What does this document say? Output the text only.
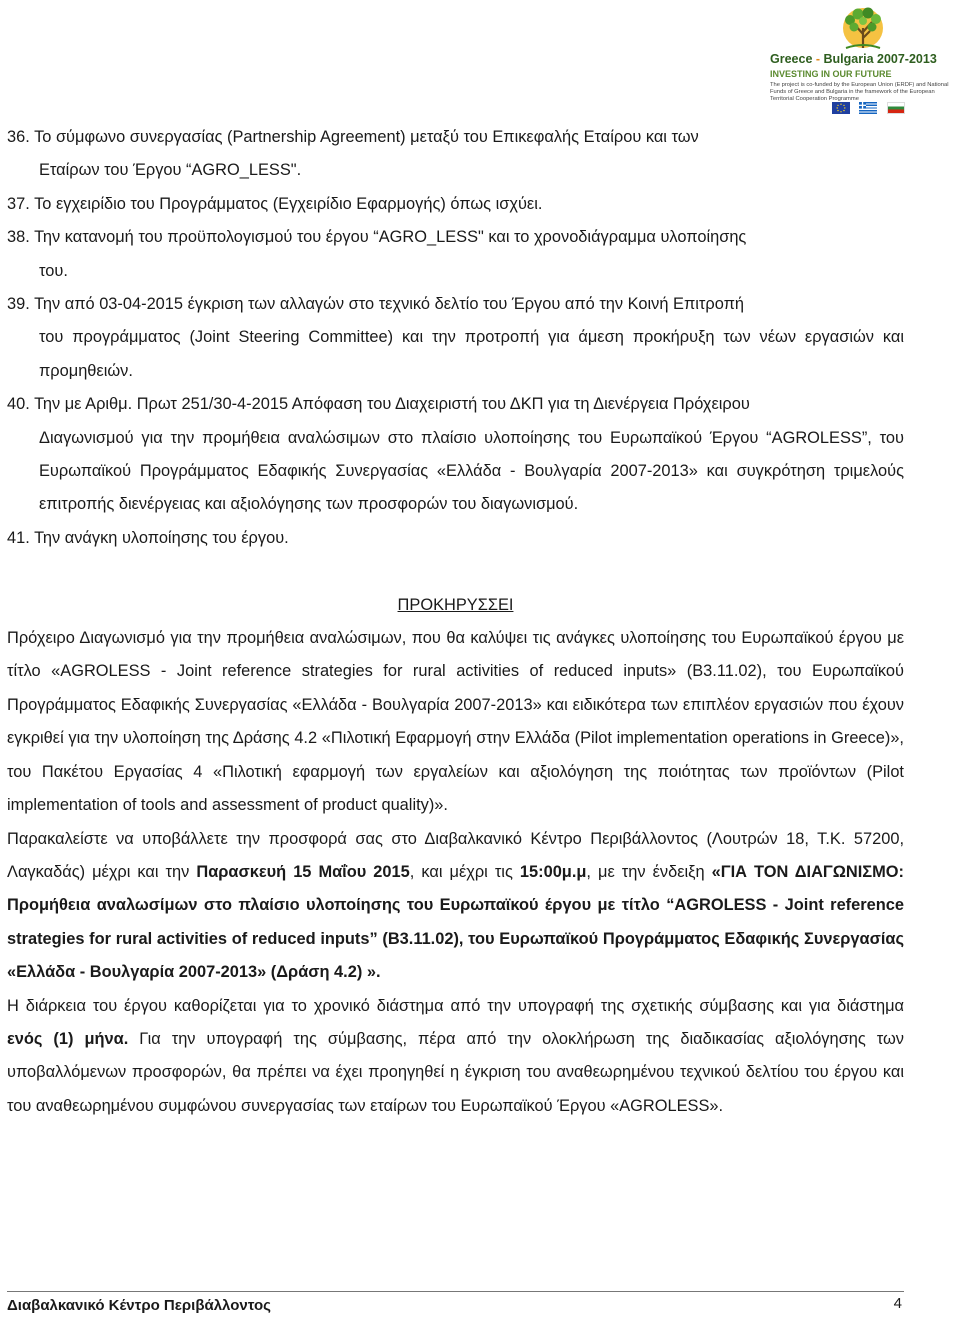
Greece - Bulgaria 2007-2013
INVESTING IN OUR FUTURE
The project is co-funded by the European Union (ERDF) and National Funds of Greece and Bulgaria in the framework of the European Territorial Cooperation Programme

36. Το σύμφωνο συνεργασίας (Partnership Agreement) μεταξύ του Επικεφαλής Εταίρου και των

Εταίρων του Έργου “AGRO_LESS".

37. Το εγχειρίδιο του Προγράμματος (Εγχειρίδιο Εφαρμογής) όπως ισχύει.

38. Την κατανομή του προϋπολογισμού του έργου “AGRO_LESS" και το χρονοδιάγραμμα υλοποίησης

του.

39. Την από 03-04-2015 έγκριση των αλλαγών στο τεχνικό δελτίο του Έργου από την Κοινή Επιτροπή

του προγράμματος (Joint Steering Committee) και την προτροπή για άμεση προκήρυξη των νέων εργασιών και προμηθειών.

40. Την με Αριθμ. Πρωτ 251/30-4-2015 Απόφαση του Διαχειριστή του ΔΚΠ για τη Διενέργεια Πρόχειρου

Διαγωνισμού για την προμήθεια αναλώσιμων στο πλαίσιο υλοποίησης του Ευρωπαϊκού Έργου “AGROLESS”, του Ευρωπαϊκού Προγράμματος Εδαφικής Συνεργασίας «Ελλάδα - Βουλγαρία 2007-2013» και συγκρότηση τριμελούς επιτροπής διενέργειας και αξιολόγησης των προσφορών του διαγωνισμού.

41. Την ανάγκη υλοποίησης του έργου.

ΠΡΟΚΗΡΥΣΣΕΙ

Πρόχειρο Διαγωνισμό για την προμήθεια αναλώσιμων, που θα καλύψει τις ανάγκες υλοποίησης του Ευρωπαϊκού έργου με τίτλο «AGROLESS - Joint reference strategies for rural activities of reduced inputs» (B3.11.02), του Ευρωπαϊκού Προγράμματος Εδαφικής Συνεργασίας «Ελλάδα - Βουλγαρία 2007-2013» και ειδικότερα των επιπλέον εργασιών που έχουν εγκριθεί για την υλοποίηση της Δράσης 4.2 «Πιλοτική Εφαρμογή στην Ελλάδα (Pilot implementation operations in Greece)», του Πακέτου Εργασίας 4 «Πιλοτική εφαρμογή των εργαλείων και αξιολόγηση της ποιότητας των προϊόντων (Pilot implementation of tools and assessment of product quality)».

Παρακαλείστε να υποβάλλετε την προσφορά σας στο Διαβαλκανικό Κέντρο Περιβάλλοντος (Λουτρών 18, Τ.Κ. 57200, Λαγκαδάς) μέχρι και την Παρασκευή 15 Μαΐου 2015, και μέχρι τις 15:00μ.μ, με την ένδειξη «ΓΙΑ ΤΟΝ ΔΙΑΓΩΝΙΣΜΟ: Προμήθεια αναλωσίμων στο πλαίσιο υλοποίησης του Ευρωπαϊκού έργου με τίτλο “AGROLESS - Joint reference strategies for rural activities of reduced inputs” (B3.11.02), του Ευρωπαϊκού Προγράμματος Εδαφικής Συνεργασίας «Ελλάδα - Βουλγαρία 2007-2013» (Δράση 4.2) ».

Η διάρκεια του έργου καθορίζεται για το χρονικό διάστημα από την υπογραφή της σχετικής σύμβασης και για διάστημα ενός (1) μήνα. Για την υπογραφή της σύμβασης, πέρα από την ολοκλήρωση της διαδικασίας αξιολόγησης των υποβαλλόμενων προσφορών, θα πρέπει να έχει προηγηθεί η έγκριση του αναθεωρημένου τεχνικού δελτίου του έργου και του αναθεωρημένου συμφώνου συνεργασίας των εταίρων του Ευρωπαϊκού Έργου «AGROLESS».

Διαβαλκανικό Κέντρο Περιβάλλοντος	4
